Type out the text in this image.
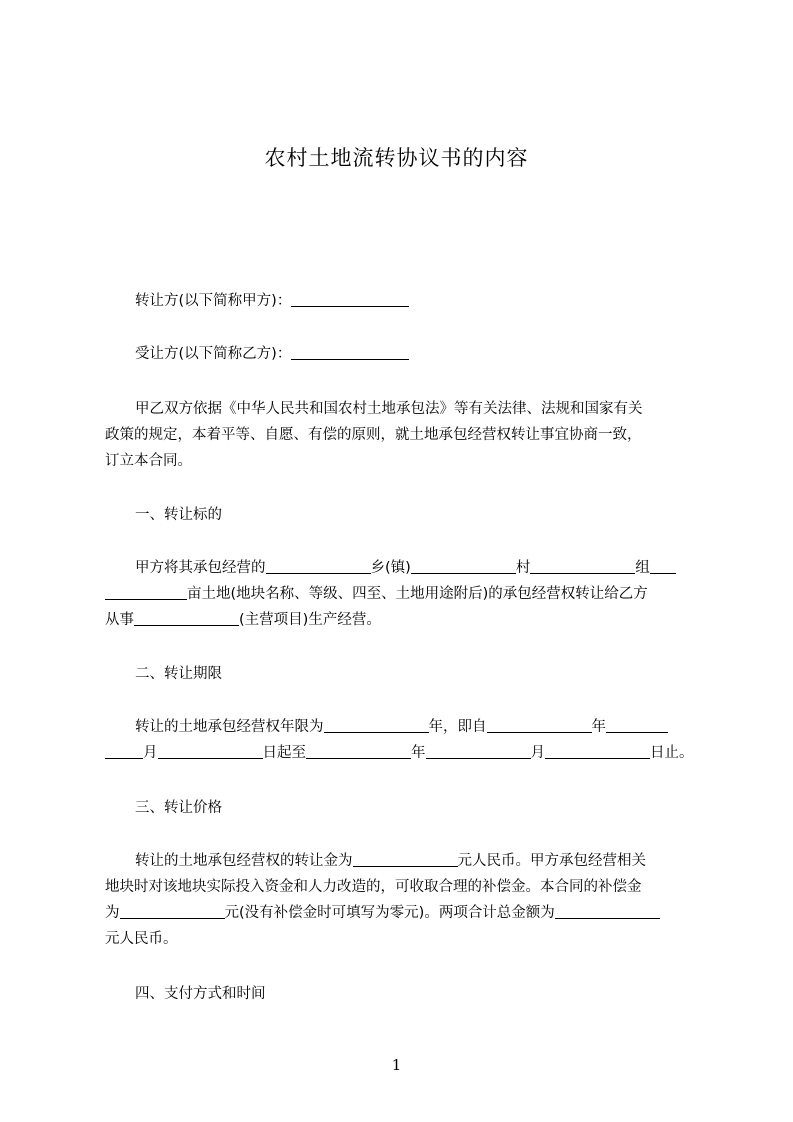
农村土地流转协议书的内容

转让方(以下简称甲方)：

受让方(以下简称乙方)：

甲乙双方依据《中华人民共和国农村土地承包法》等有关法律、法规和国家有关
政策的规定，本着平等、自愿、有偿的原则，就土地承包经营权转让事宜协商一致，
订立本合同。

一、转让标的

甲方将其承包经营的	乡(镇)	村	组
亩土地(地块名称、等级、四至、土地用途附后)的承包经营权转让给乙方
从事	(主营项目)生产经营。

二、转让期限

转让的土地承包经营权年限为	年，即自	年
月	日起至	年	月	日止。

三、转让价格

转让的土地承包经营权的转让金为	元人民币。甲方承包经营相关
地块时对该地块实际投入资金和人力改造的，可收取合理的补偿金。本合同的补偿金
为	元(没有补偿金时可填写为零元)。两项合计总金额为
元人民币。

四、支付方式和时间

1
